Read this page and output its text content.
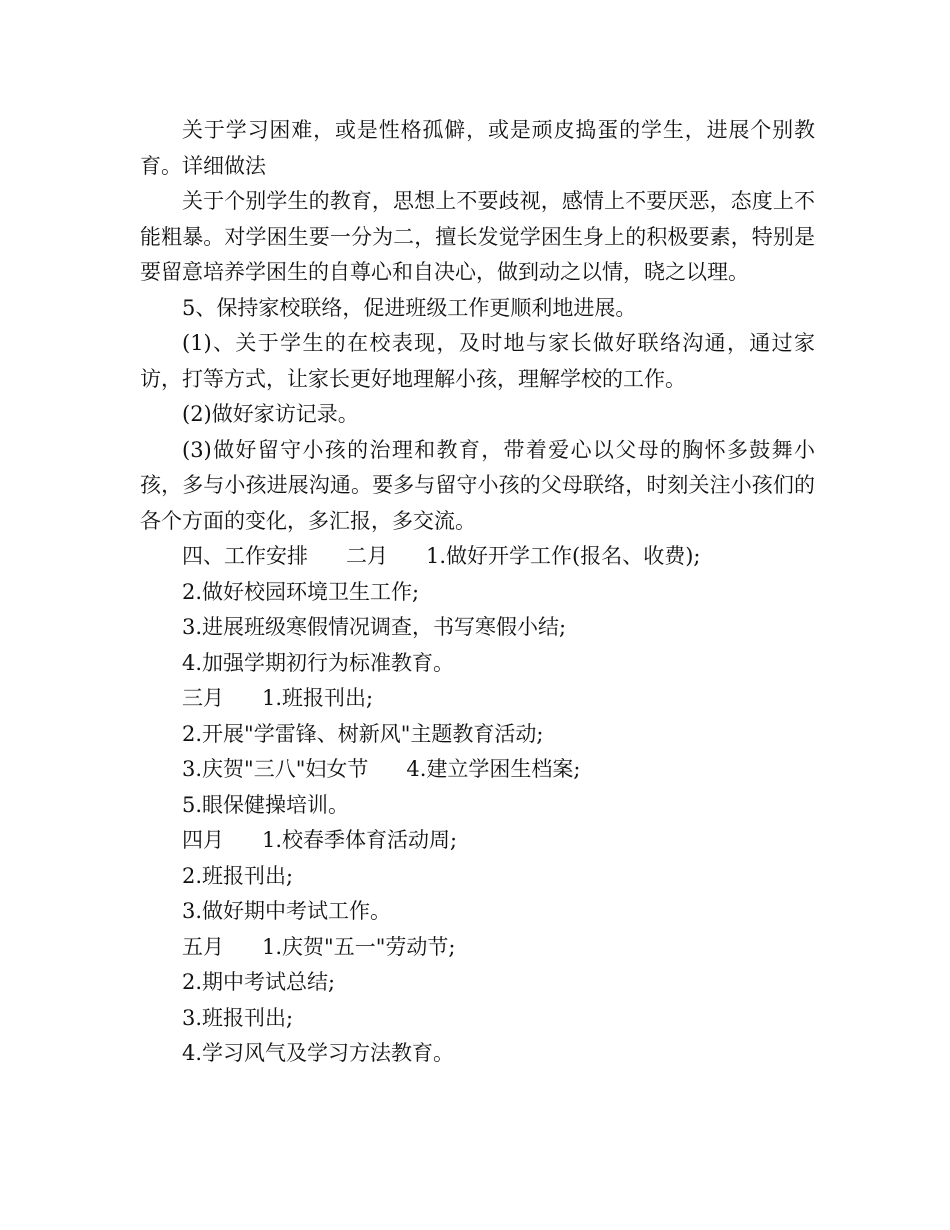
关于学习困难，或是性格孤僻，或是顽皮捣蛋的学生，进展个别教育。详细做法

关于个别学生的教育，思想上不要歧视，感情上不要厌恶，态度上不能粗暴。对学困生要一分为二，擅长发觉学困生身上的积极要素，特别是要留意培养学困生的自尊心和自决心，做到动之以情，晓之以理。

5、保持家校联络，促进班级工作更顺利地进展。

(1)、关于学生的在校表现，及时地与家长做好联络沟通，通过家访，打等方式，让家长更好地理解小孩，理解学校的工作。

(2)做好家访记录。

(3)做好留守小孩的治理和教育，带着爱心以父母的胸怀多鼓舞小孩，多与小孩进展沟通。要多与留守小孩的父母联络，时刻关注小孩们的各个方面的变化，多汇报，多交流。

四、工作安排 二月 1.做好开学工作(报名、收费);

2.做好校园环境卫生工作;

3.进展班级寒假情况调查，书写寒假小结;

4.加强学期初行为标准教育。

三月 1.班报刊出;

2.开展"学雷锋、树新风"主题教育活动;

3.庆贺"三八"妇女节 4.建立学困生档案;

5.眼保健操培训。

四月 1.校春季体育活动周;

2.班报刊出;

3.做好期中考试工作。

五月 1.庆贺"五一"劳动节;

2.期中考试总结;

3.班报刊出;

4.学习风气及学习方法教育。
